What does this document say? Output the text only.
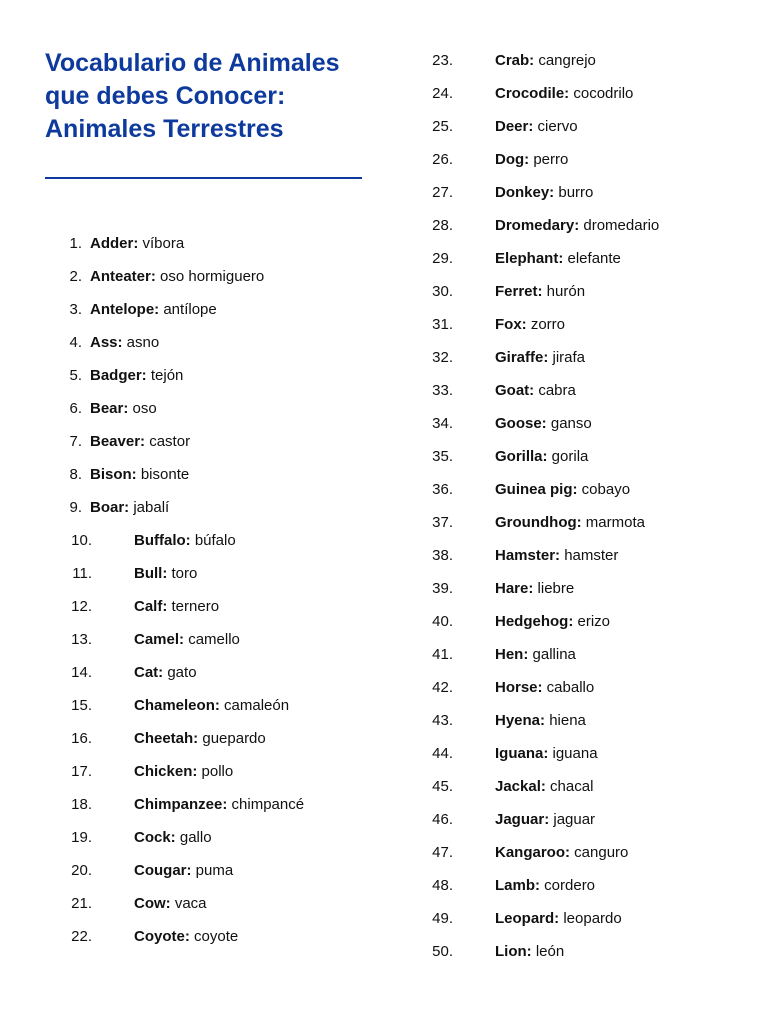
Vocabulario de Animales que debes Conocer: Animales Terrestres
1. Adder: víbora
2. Anteater: oso hormiguero
3. Antelope: antílope
4. Ass: asno
5. Badger: tejón
6. Bear: oso
7. Beaver: castor
8. Bison: bisonte
9. Boar: jabalí
10.	Buffalo: búfalo
11.	Bull: toro
12.	Calf: ternero
13.	Camel: camello
14.	Cat: gato
15.	Chameleon: camaleón
16.	Cheetah: guepardo
17.	Chicken: pollo
18.	Chimpanzee: chimpancé
19.	Cock: gallo
20.	Cougar: puma
21.	Cow: vaca
22.	Coyote: coyote
23.	Crab: cangrejo
24.	Crocodile: cocodrilo
25.	Deer: ciervo
26.	Dog: perro
27.	Donkey: burro
28.	Dromedary: dromedario
29.	Elephant: elefante
30.	Ferret: hurón
31.	Fox: zorro
32.	Giraffe: jirafa
33.	Goat: cabra
34.	Goose: ganso
35.	Gorilla: gorila
36.	Guinea pig: cobayo
37.	Groundhog: marmota
38.	Hamster: hamster
39.	Hare: liebre
40.	Hedgehog: erizo
41.	Hen: gallina
42.	Horse: caballo
43.	Hyena: hiena
44.	Iguana: iguana
45.	Jackal: chacal
46.	Jaguar: jaguar
47.	Kangaroo: canguro
48.	Lamb: cordero
49.	Leopard: leopardo
50.	Lion: león
